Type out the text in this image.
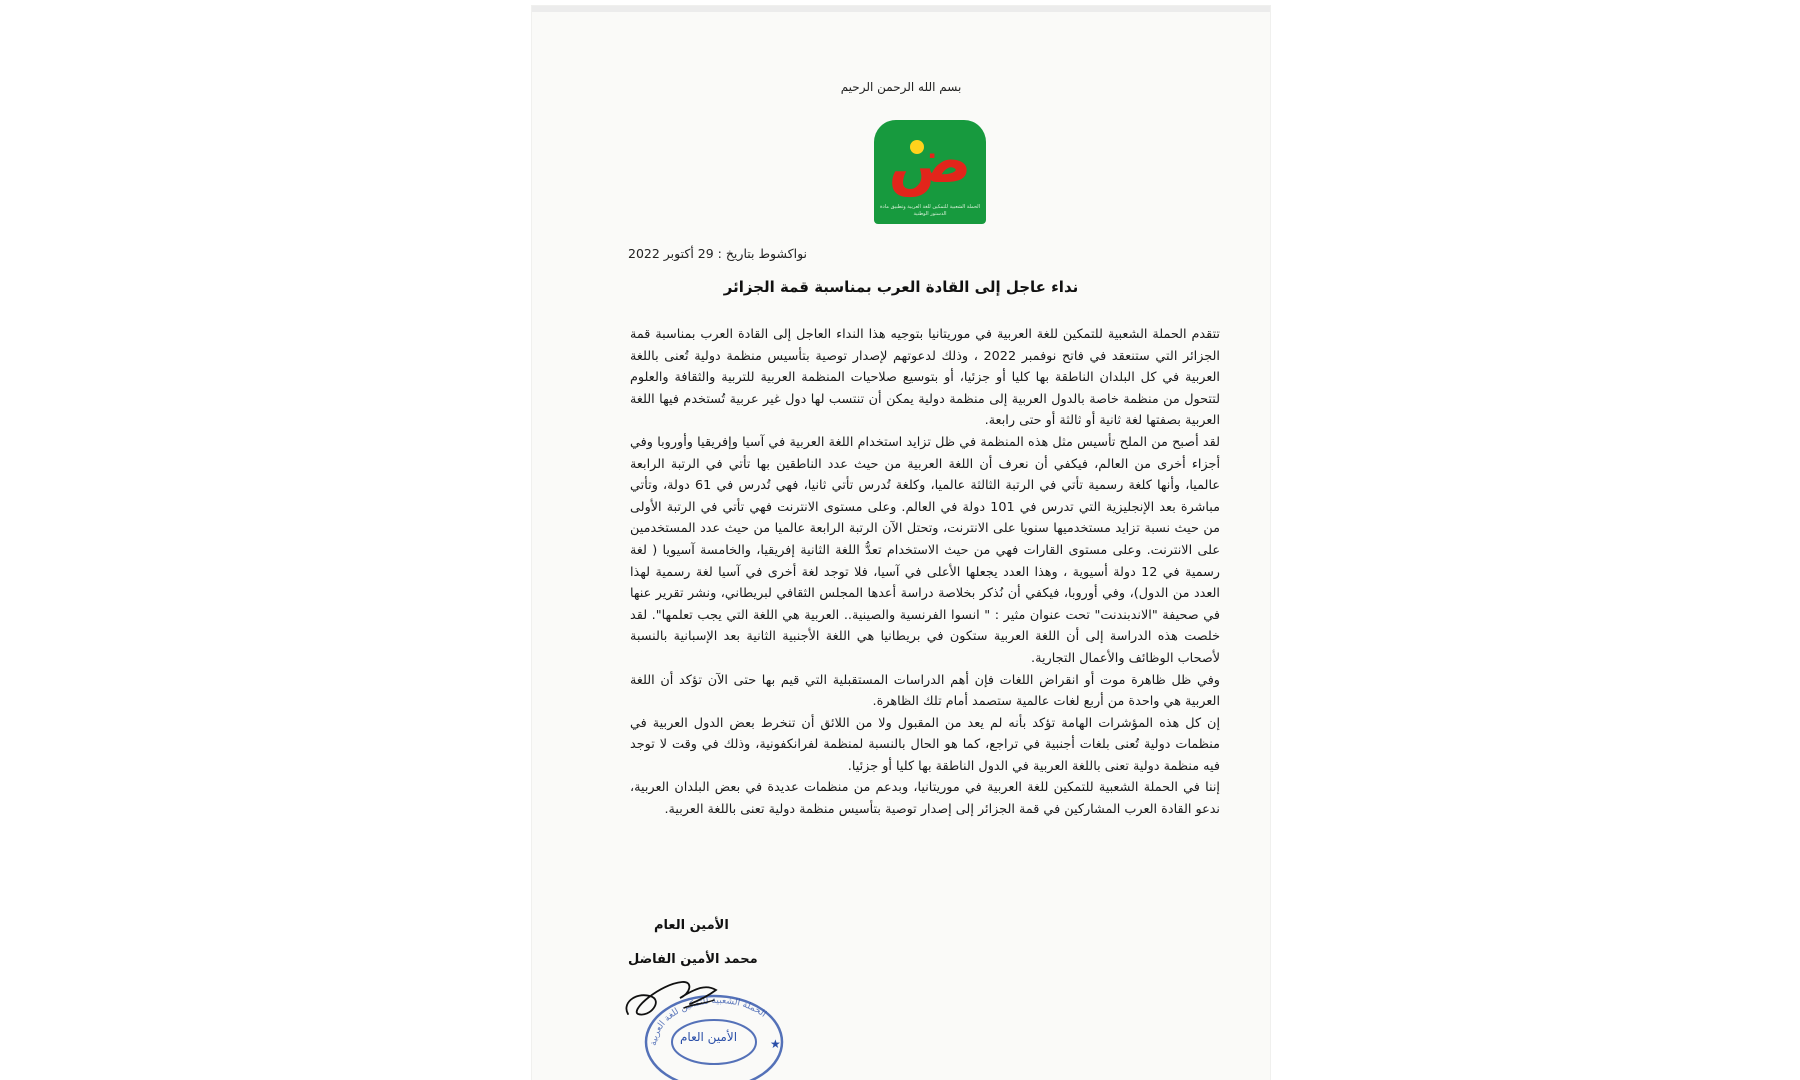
بسم الله الرحمن الرحيم
ض
الحملة الشعبية للتمكين للغة العربية وتطبيق مادة الدستور الوطنية
نواكشوط بتاريخ : 29 أكتوبر 2022
نداء عاجل إلى القادة العرب بمناسبة قمة الجزائر

تتقدم الحملة الشعبية للتمكين للغة العربية في موريتانيا بتوجيه هذا النداء العاجل إلى القادة العرب بمناسبة قمة الجزائر التي ستنعقد في فاتح نوفمبر 2022 ، وذلك لدعوتهم لإصدار توصية بتأسيس منظمة دولية تُعنى باللغة العربية في كل البلدان الناطقة بها كليا أو جزئيا، أو بتوسيع صلاحيات المنظمة العربية للتربية والثقافة والعلوم لتتحول من منظمة خاصة بالدول العربية إلى منظمة دولية يمكن أن تنتسب لها دول غير عربية تُستخدم فيها اللغة العربية بصفتها لغة ثانية أو ثالثة أو حتى رابعة.

لقد أصبح من الملح تأسيس مثل هذه المنظمة في ظل تزايد استخدام اللغة العربية في آسيا وإفريقيا وأوروبا وفي أجزاء أخرى من العالم، فيكفي أن نعرف أن اللغة العربية من حيث عدد الناطقين بها تأتي في الرتبة الرابعة عالميا، وأنها كلغة رسمية تأتي في الرتبة الثالثة عالميا، وكلغة تُدرس تأتي ثانيا، فهي تُدرس في 61 دولة، وتأتي مباشرة بعد الإنجليزية التي تدرس في 101 دولة في العالم. وعلى مستوى الانترنت فهي تأتي في الرتبة الأولى من حيث نسبة تزايد مستخدميها سنويا على الانترنت، وتحتل الآن الرتبة الرابعة عالميا من حيث عدد المستخدمين على الانترنت. وعلى مستوى القارات فهي من حيث الاستخدام تعدُّ اللغة الثانية إفريقيا، والخامسة آسيويا ( لغة رسمية في 12 دولة أسيوية ، وهذا العدد يجعلها الأعلى في آسيا، فلا توجد لغة أخرى في آسيا لغة رسمية لهذا العدد من الدول)، وفي أوروبا، فيكفي أن نُذكر بخلاصة دراسة أعدها المجلس الثقافي لبريطاني، ونشر تقرير عنها في صحيفة "الاندبندنت" تحت عنوان مثير : " انسوا الفرنسية والصينية.. العربية هي اللغة التي يجب تعلمها". لقد خلصت هذه الدراسة إلى أن اللغة العربية ستكون في بريطانيا هي اللغة الأجنبية الثانية بعد الإسبانية بالنسبة لأصحاب الوظائف والأعمال التجارية.

وفي ظل ظاهرة موت أو انقراض اللغات فإن أهم الدراسات المستقبلية التي قيم بها حتى الآن تؤكد أن اللغة العربية هي واحدة من أربع لغات عالمية ستصمد أمام تلك الظاهرة.

إن كل هذه المؤشرات الهامة تؤكد بأنه لم يعد من المقبول ولا من اللائق أن تنخرط بعض الدول العربية في منظمات دولية تُعنى بلغات أجنبية في تراجع، كما هو الحال بالنسبة لمنظمة لفرانكفونية، وذلك في وقت لا توجد فيه منظمة دولية تعنى باللغة العربية في الدول الناطقة بها كليا أو جزئيا.

إننا في الحملة الشعبية للتمكين للغة العربية في موريتانيا، وبدعم من منظمات عديدة في بعض البلدان العربية، ندعو القادة العرب المشاركين في قمة الجزائر إلى إصدار توصية بتأسيس منظمة دولية تعنى باللغة العربية.

الأمين العام
محمد الأمين الفاضل
الحملة الشعبية للتمكين للغة العربية
★
الأمين العام
